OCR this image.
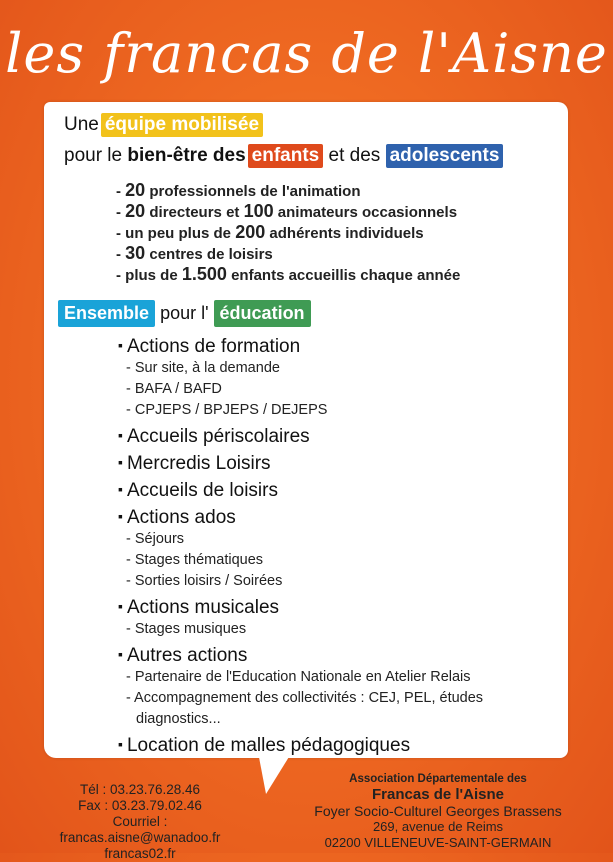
les francas de l'Aisne
Une équipe mobilisée
pour le bien-être des enfants et des adolescents
- 20 professionnels de l'animation
- 20 directeurs et 100 animateurs occasionnels
- un peu plus de 200 adhérents individuels
- 30 centres de loisirs
- plus de 1.500 enfants accueillis chaque année
Ensemble pour l' éducation
▪ Actions de formation
- Sur site, à la demande
- BAFA / BAFD
- CPJEPS / BPJEPS / DEJEPS
▪ Accueils périscolaires
▪ Mercredis Loisirs
▪ Accueils de loisirs
▪ Actions ados
- Séjours
- Stages thématiques
- Sorties loisirs / Soirées
▪ Actions musicales
- Stages musiques
▪ Autres actions
- Partenaire de l'Education Nationale en Atelier Relais
- Accompagnement des collectivités : CEJ, PEL, études
diagnostics...
▪ Location de malles pédagogiques
Tél : 03.23.76.28.46
Fax : 03.23.79.02.46
Courriel : francas.aisne@wanadoo.fr
francas02.fr
Association Départementale des
Francas de l'Aisne
Foyer Socio-Culturel Georges Brassens
269, avenue de Reims
02200 VILLENEUVE-SAINT-GERMAIN
